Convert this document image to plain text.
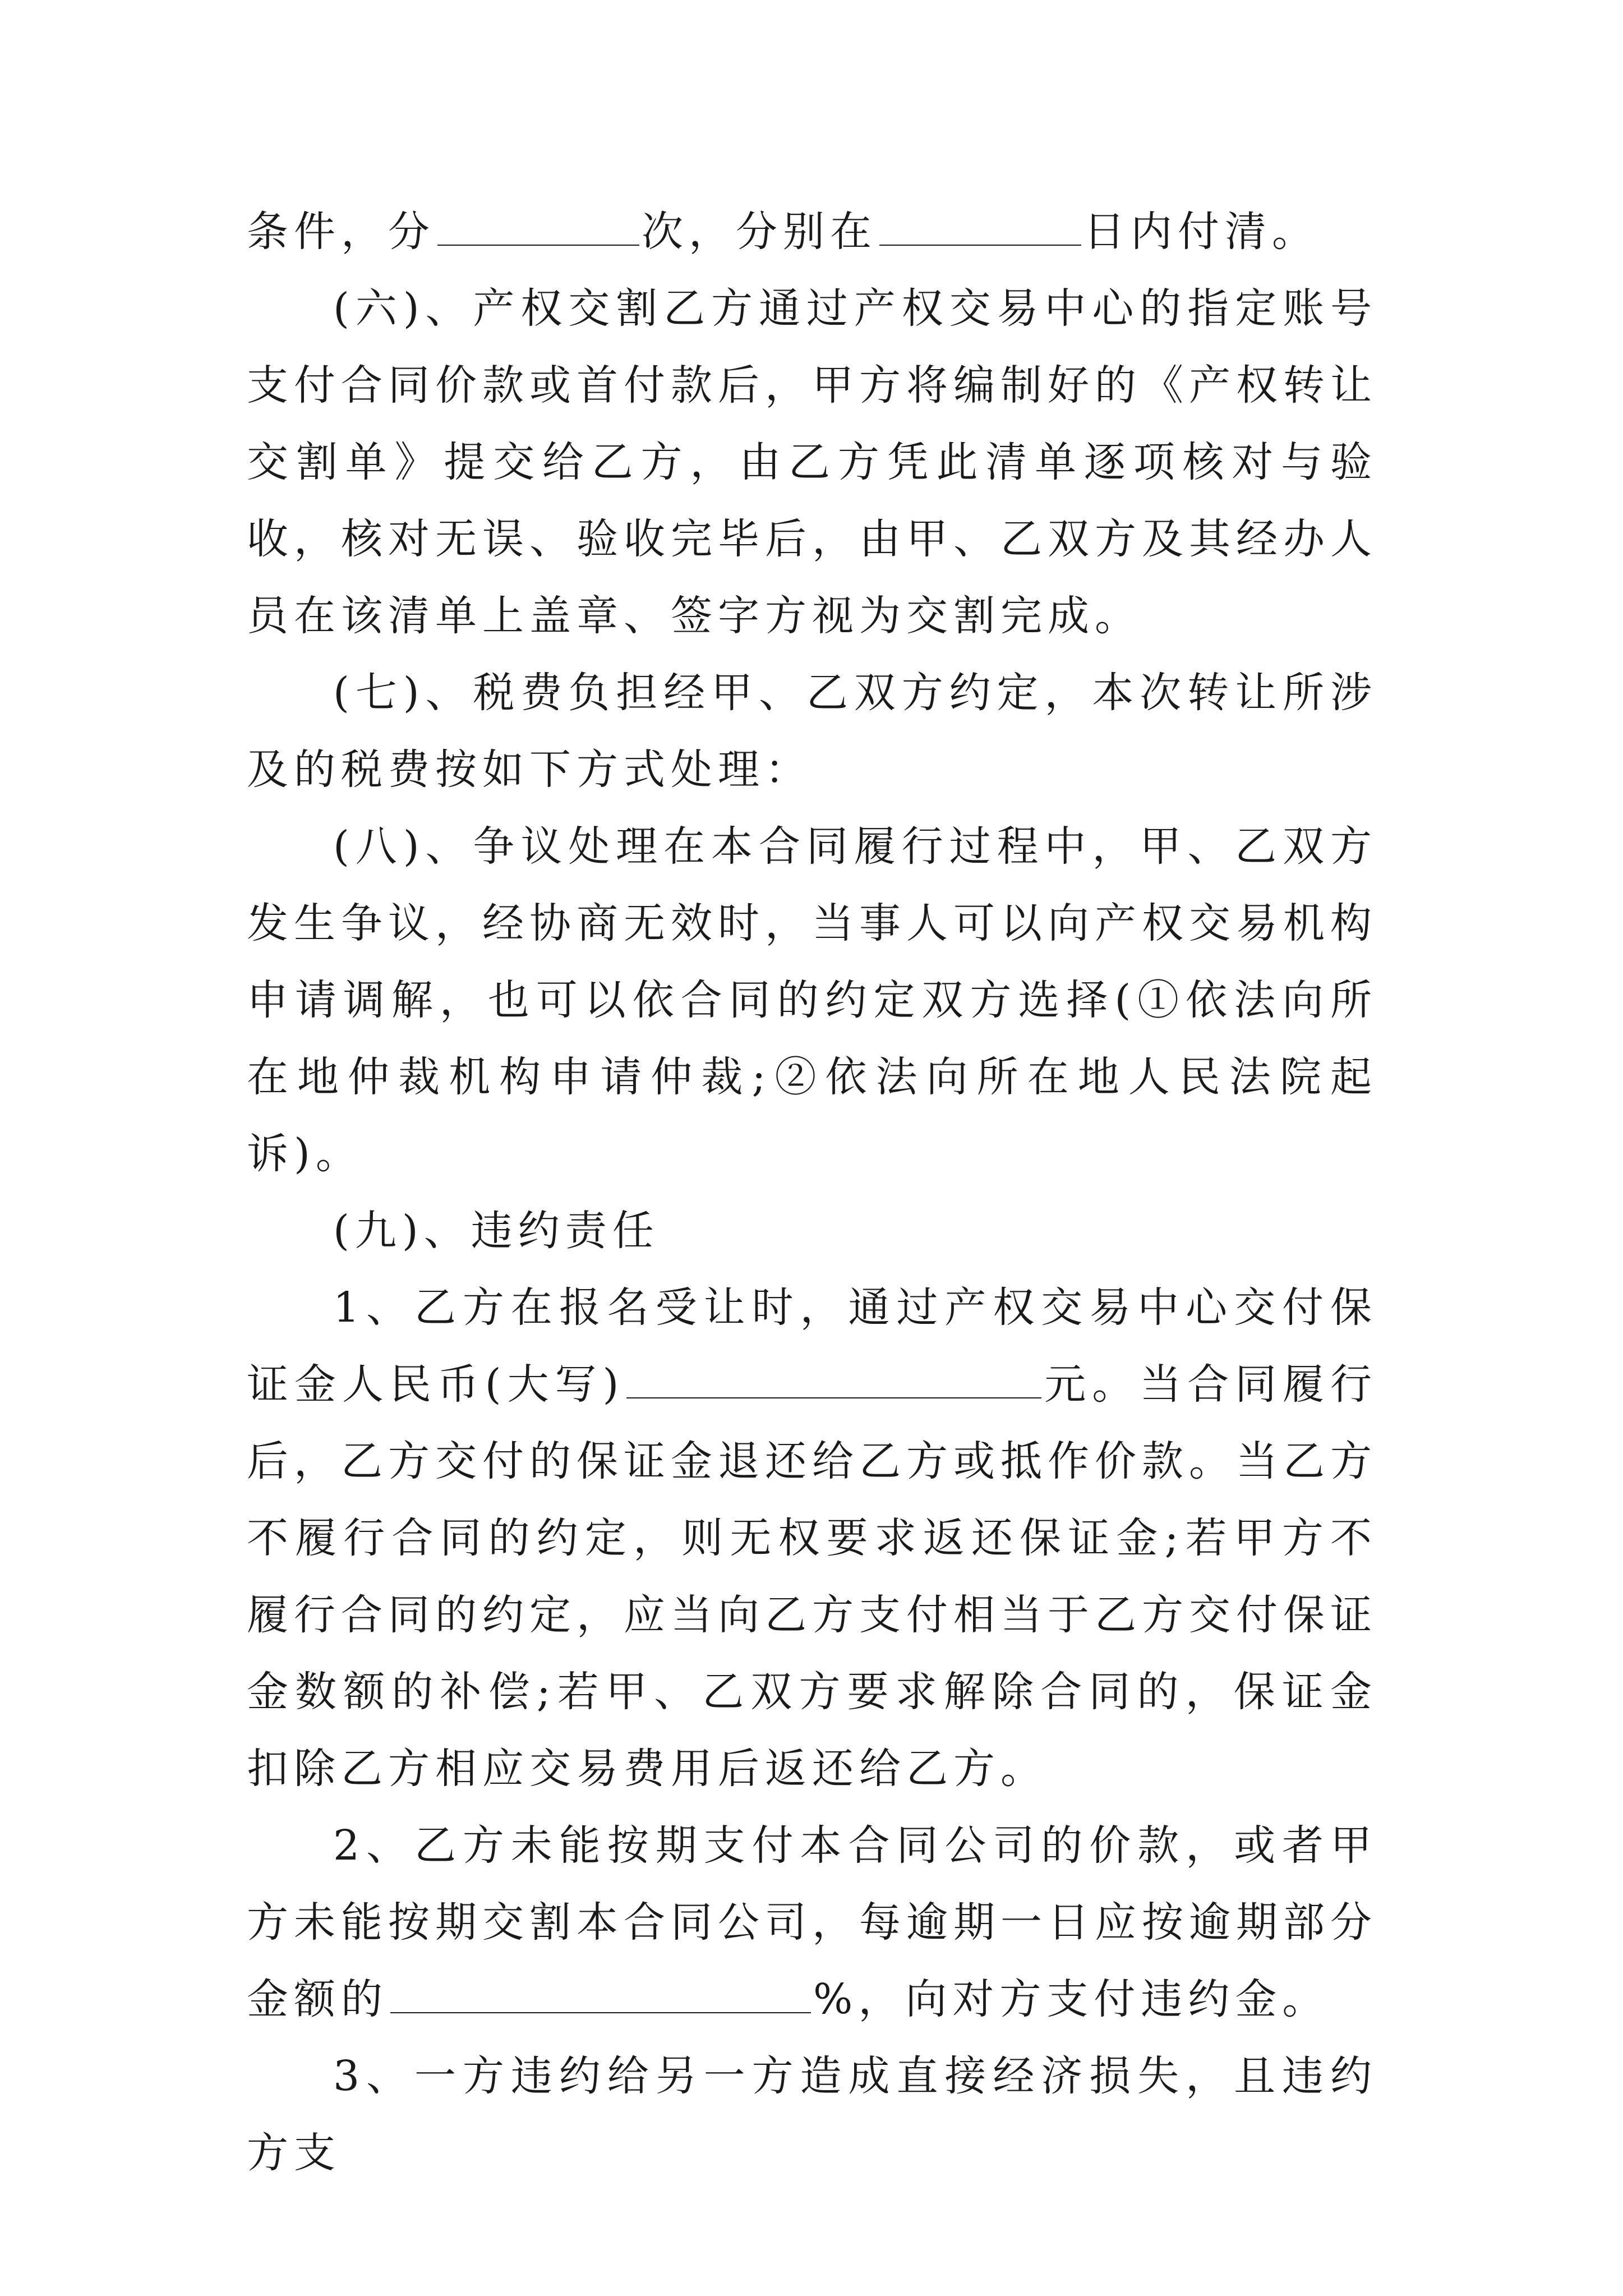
条件，分	次，分别在	日内付清。

(六)、产权交割乙方通过产权交易中心的指定账号支付合同价款或首付款后，甲方将编制好的《产权转让交割单》提交给乙方，由乙方凭此清单逐项核对与验收，核对无误、验收完毕后，由甲、乙双方及其经办人员在该清单上盖章、签字方视为交割完成。

(七)、税费负担经甲、乙双方约定，本次转让所涉及的税费按如下方式处理：

(八)、争议处理在本合同履行过程中，甲、乙双方发生争议，经协商无效时，当事人可以向产权交易机构申请调解，也可以依合同的约定双方选择(①依法向所在地仲裁机构申请仲裁;②依法向所在地人民法院起诉)。

(九)、违约责任

1、乙方在报名受让时，通过产权交易中心交付保证金人民币(大写)	元。当合同履行后，乙方交付的保证金退还给乙方或抵作价款。当乙方不履行合同的约定，则无权要求返还保证金;若甲方不履行合同的约定，应当向乙方支付相当于乙方交付保证金数额的补偿;若甲、乙双方要求解除合同的，保证金扣除乙方相应交易费用后返还给乙方。

2、乙方未能按期支付本合同公司的价款，或者甲方未能按期交割本合同公司，每逾期一日应按逾期部分金额的	%，向对方支付违约金。

3、一方违约给另一方造成直接经济损失，且违约方支
